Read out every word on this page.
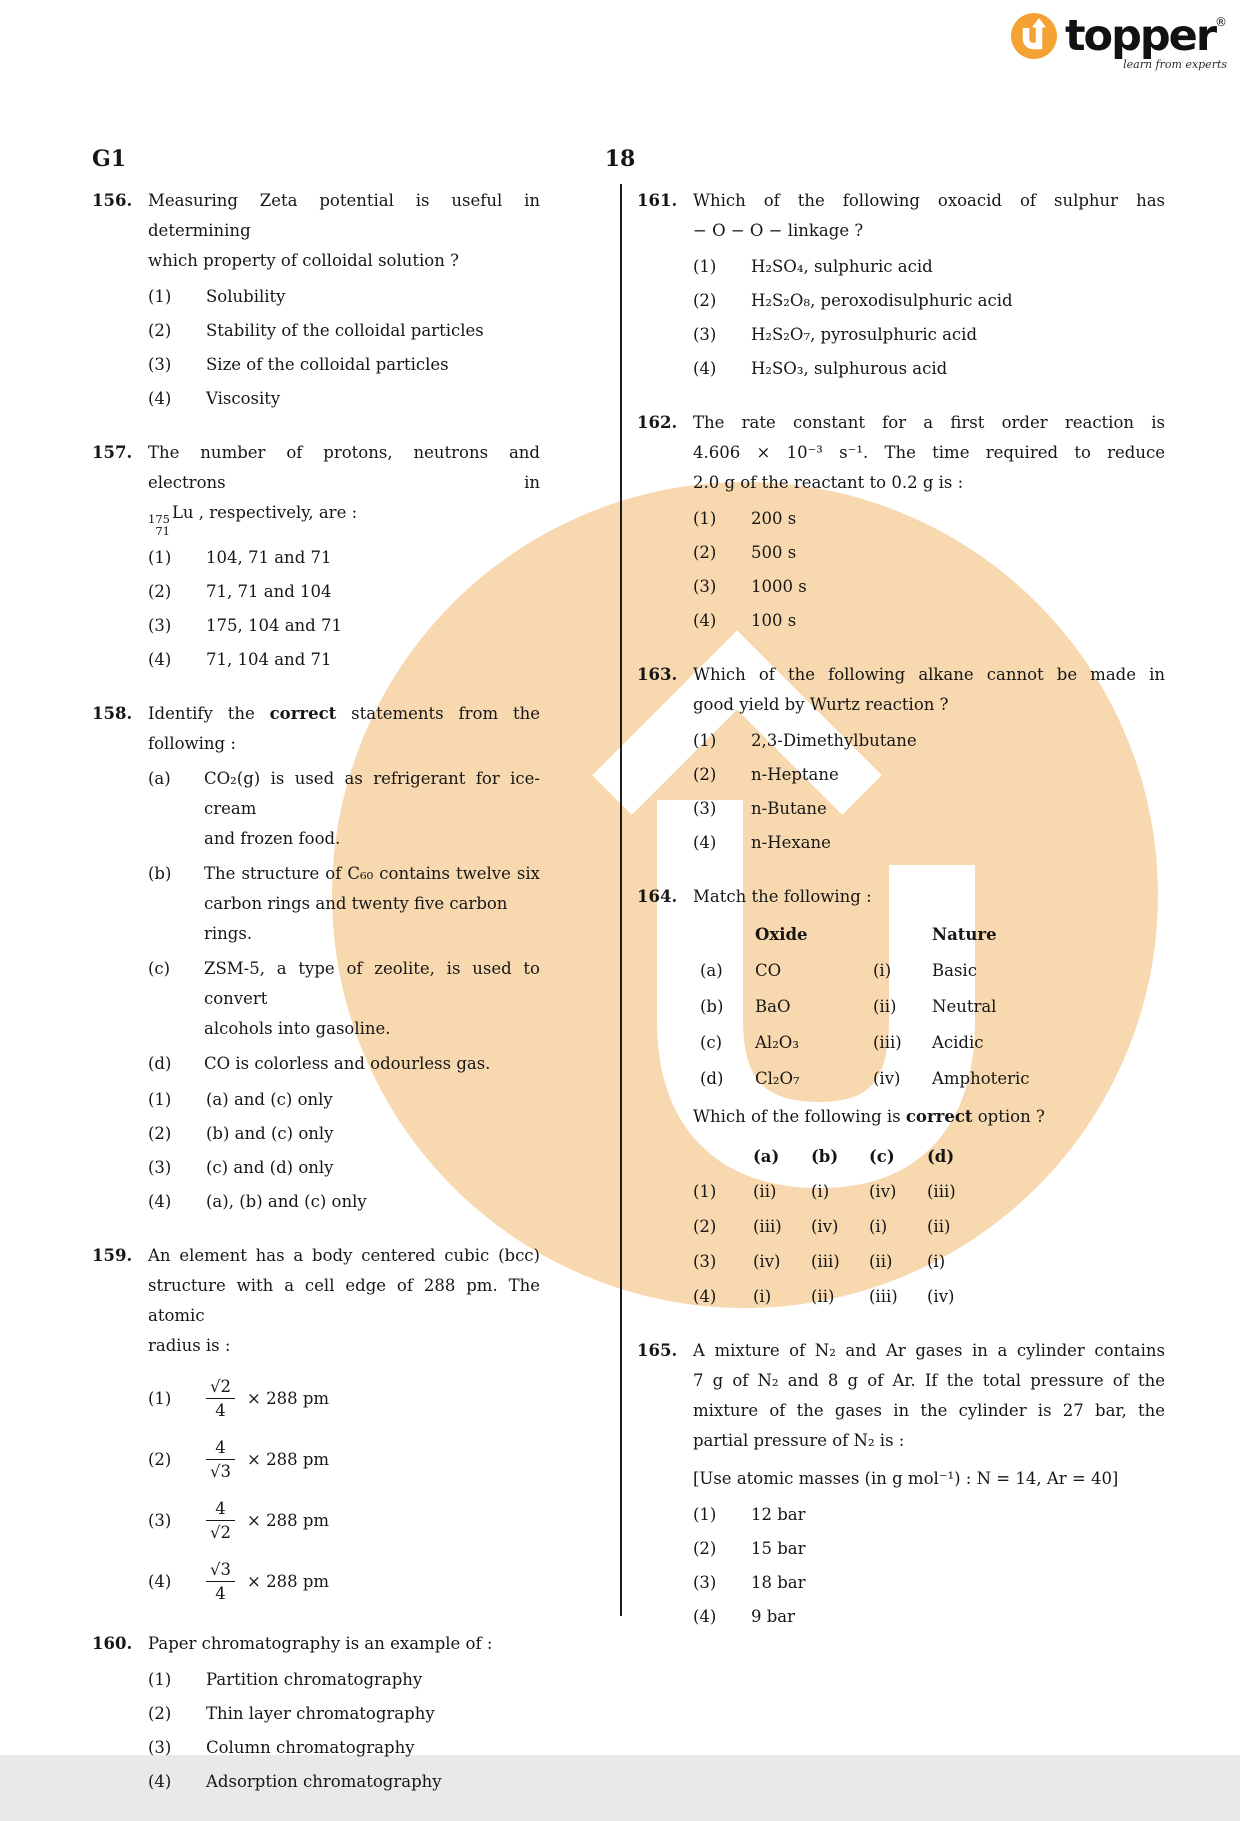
topper®
learn from experts
G1	18
156. Measuring Zeta potential is useful in determining
which property of colloidal solution ?
(1)	Solubility
(2)	Stability of the colloidal particles
(3)	Size of the colloidal particles
(4)	Viscosity
157. The number of protons, neutrons and electrons in
175
71
Lu , respectively, are :
(1)	104, 71 and 71
(2)	71, 71 and 104
(3)	175, 104 and 71
(4)	71, 104 and 71
158. Identify the correct statements from the
following :
(a)	CO₂(g) is used as refrigerant for ice-cream
and frozen food.
(b)	The structure of C₆₀ contains twelve six
carbon rings and twenty five carbon rings.
(c)	ZSM-5, a type of zeolite, is used to convert
alcohols into gasoline.
(d)	CO is colorless and odourless gas.
(1)	(a) and (c) only
(2)	(b) and (c) only
(3)	(c) and (d) only
(4)	(a), (b) and (c) only
159. An element has a body centered cubic (bcc)
structure with a cell edge of 288 pm. The atomic
radius is :
(1)	$\frac{√2}{4} \times 288$ pm
(2)	$\frac{4}{√3} \times 288$ pm
(3)	$\frac{4}{√2} \times 288$ pm
(4)	$\frac{√3}{4} \times 288$ pm
160. Paper chromatography is an example of :
(1)	Partition chromatography
(2)	Thin layer chromatography
(3)	Column chromatography
(4)	Adsorption chromatography
161. Which of the following oxoacid of sulphur has
− O − O − linkage ?
(1)	H₂SO₄, sulphuric acid
(2)	H₂S₂O₈, peroxodisulphuric acid
(3)	H₂S₂O₇, pyrosulphuric acid
(4)	H₂SO₃, sulphurous acid
162. The rate constant for a first order reaction is
4.606 × 10⁻³ s⁻¹. The time required to reduce
2.0 g of the reactant to 0.2 g is :
(1)	200 s
(2)	500 s
(3)	1000 s
(4)	100 s
163. Which of the following alkane cannot be made in
good yield by Wurtz reaction ?
(1)	2,3-Dimethylbutane
(2)	n-Heptane
(3)	n-Butane
(4)	n-Hexane
164. Match the following :
Oxide	Nature
(a)	CO	(i)	Basic
(b)	BaO	(ii)	Neutral
(c)	Al₂O₃	(iii)	Acidic
(d)	Cl₂O₇	(iv)	Amphoteric
Which of the following is correct option ?
(a)	(b)	(c)	(d)
(1)	(ii)	(i)	(iv)	(iii)
(2)	(iii)	(iv)	(i)	(ii)
(3)	(iv)	(iii)	(ii)	(i)
(4)	(i)	(ii)	(iii)	(iv)
165. A mixture of N₂ and Ar gases in a cylinder contains
7 g of N₂ and 8 g of Ar. If the total pressure of the
mixture of the gases in the cylinder is 27 bar, the
partial pressure of N₂ is :
[Use atomic masses (in g mol⁻¹) : N = 14, Ar = 40]
(1)	12 bar
(2)	15 bar
(3)	18 bar
(4)	9 bar
